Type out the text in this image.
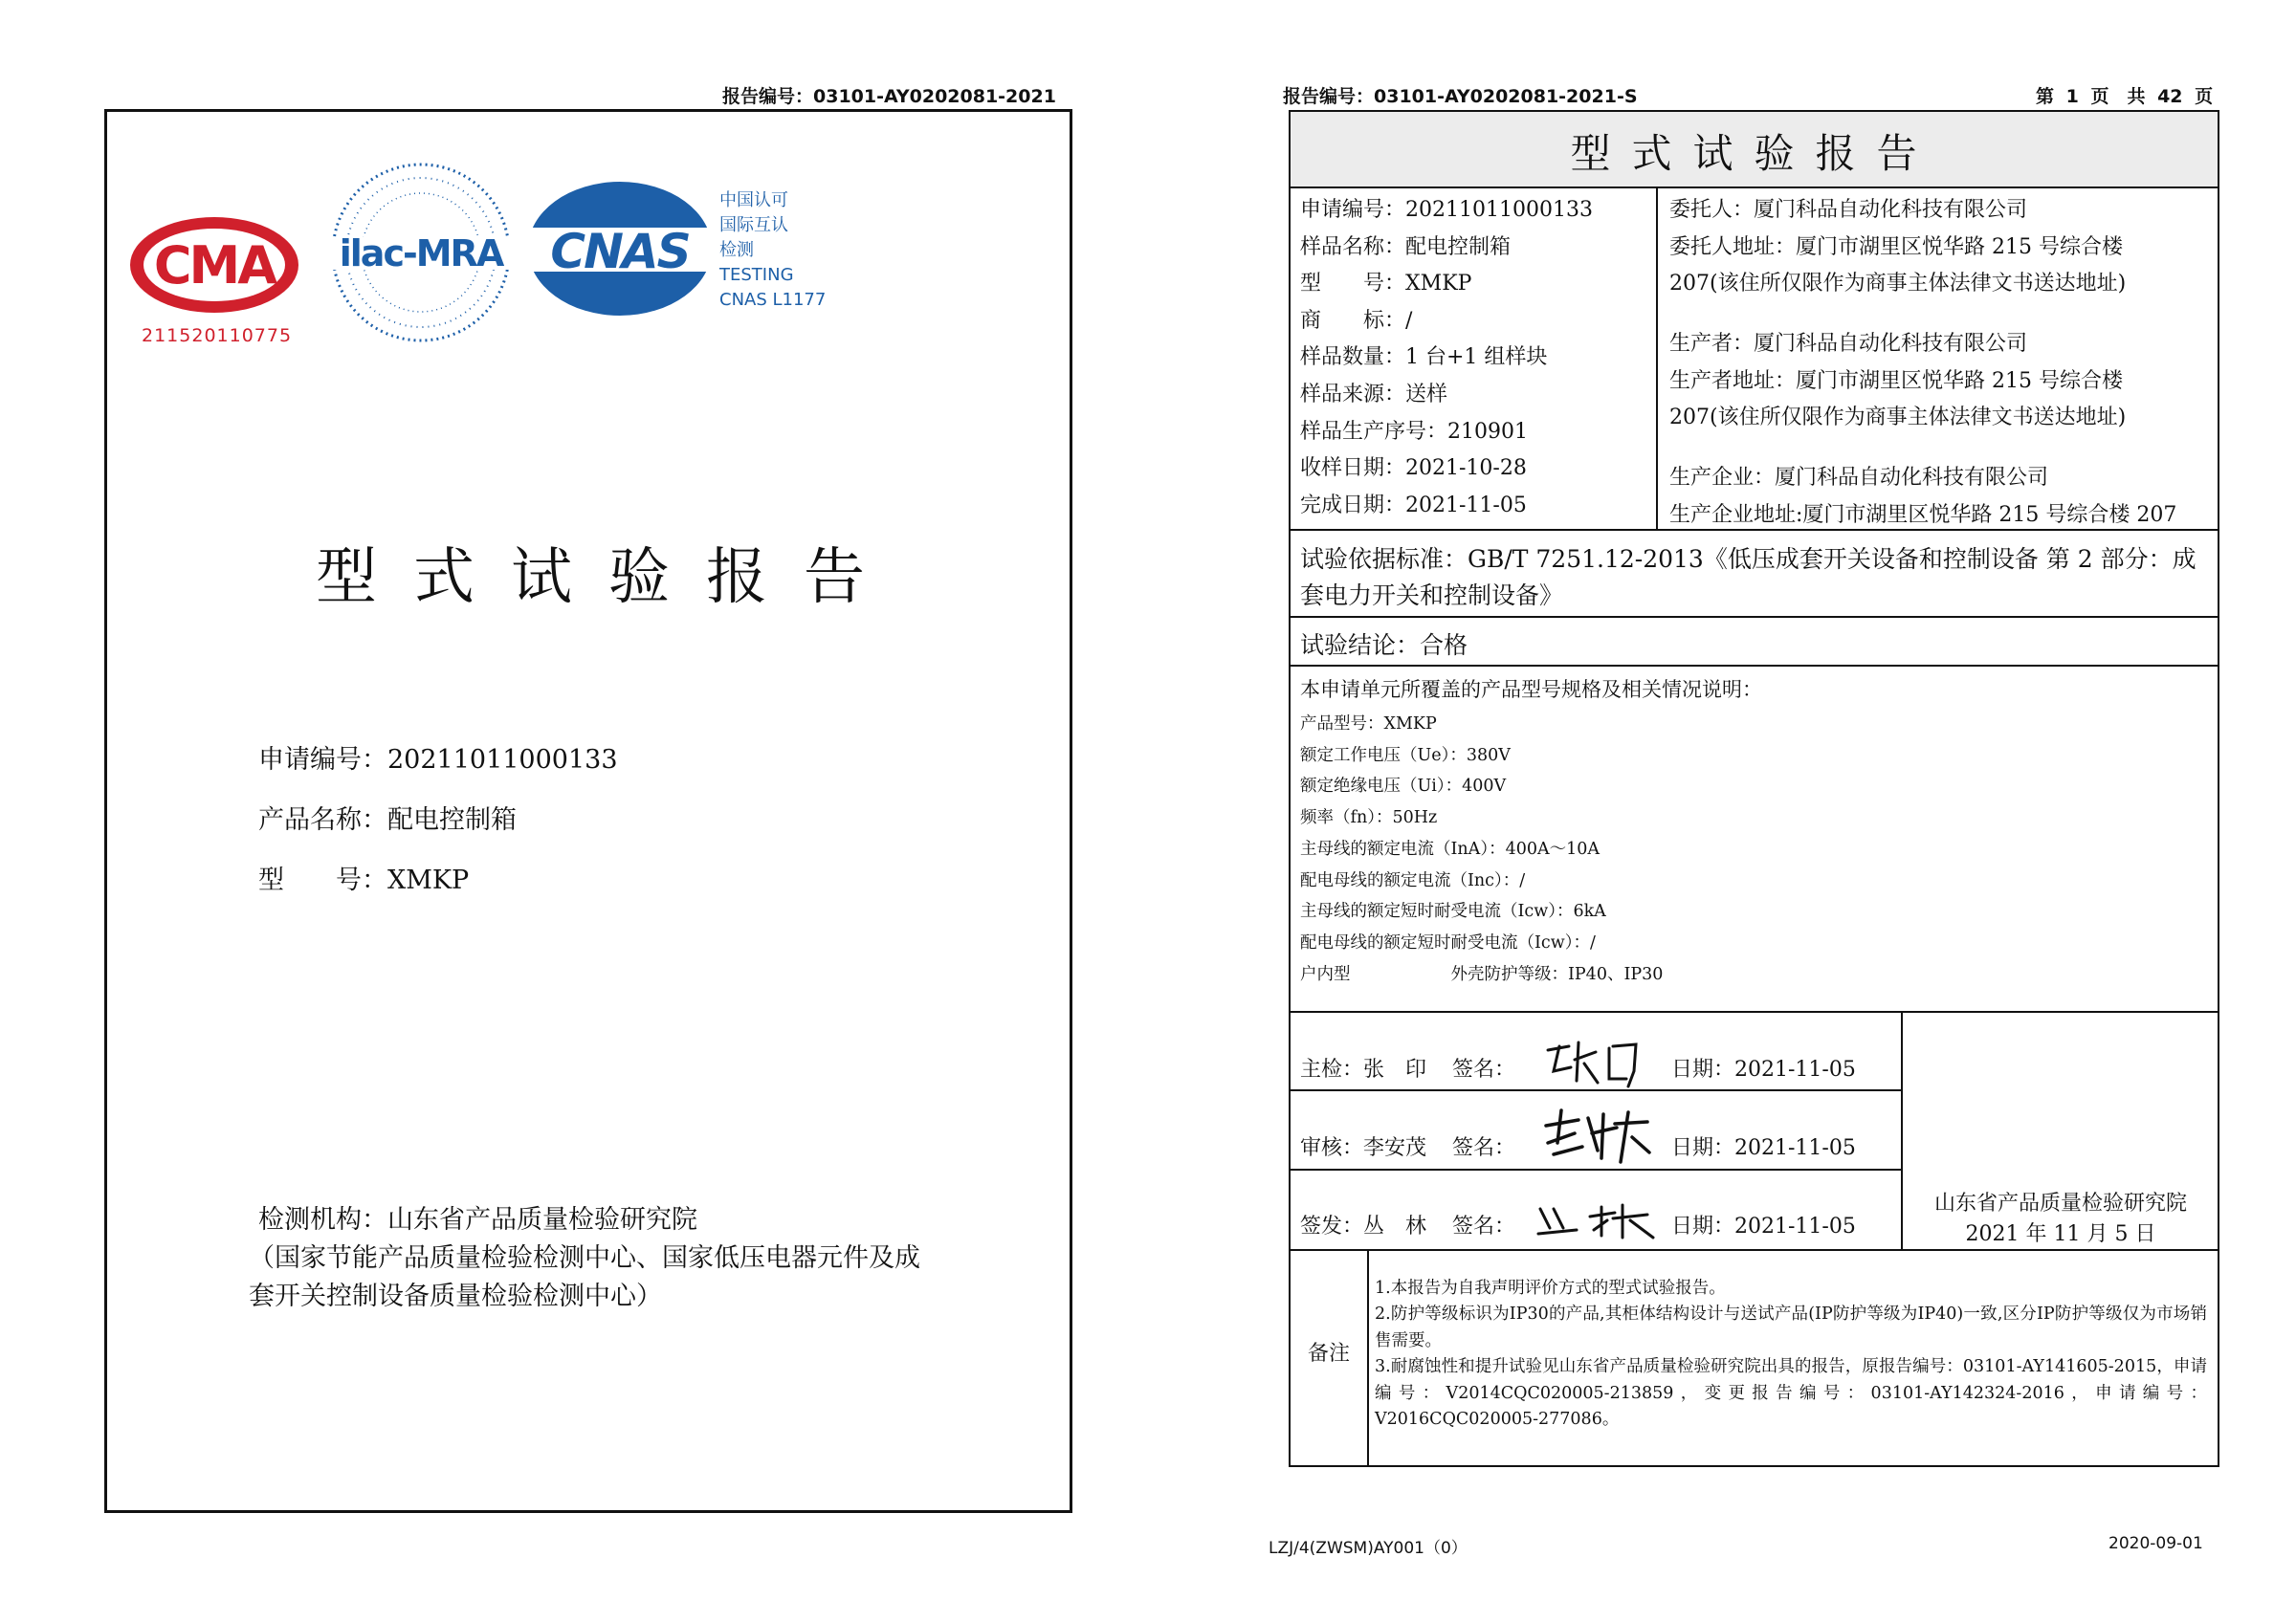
报告编号：03101-AY0202081-2021
CMA
211520110775
ilac-MRA CNAS
中国认可
国际互认
检测
TESTING
CNAS L1177
型式试验报告
申请编号：20211011000133
产品名称：配电控制箱
型　　号：XMKP
检测机构：山东省产品质量检验研究院
（国家节能产品质量检验检测中心、国家低压电器元件及成套开关控制设备质量检验检测中心）
报告编号：03101-AY0202081-2021-S	第 1 页　共 42 页
型式试验报告
申请编号：20211011000133
样品名称：配电控制箱
型　　号：XMKP
商　　标：/
样品数量：1 台+1 组样块
样品来源：送样
样品生产序号：210901
收样日期：2021-10-28
完成日期：2021-11-05
委托人：厦门科品自动化科技有限公司
委托人地址：厦门市湖里区悦华路 215 号综合楼
207(该住所仅限作为商事主体法律文书送达地址)
生产者：厦门科品自动化科技有限公司
生产者地址：厦门市湖里区悦华路 215 号综合楼
207(该住所仅限作为商事主体法律文书送达地址)
生产企业：厦门科品自动化科技有限公司
生产企业地址:厦门市湖里区悦华路 215 号综合楼 207
试验依据标准：GB/T 7251.12-2013《低压成套开关设备和控制设备 第 2 部分：成套电力开关和控制设备》
试验结论：合格
本申请单元所覆盖的产品型号规格及相关情况说明：
产品型号：XMKP
额定工作电压（Ue）：380V
额定绝缘电压（Ui）：400V
频率（fn）：50Hz
主母线的额定电流（InA）：400A～10A
配电母线的额定电流（Inc）：/
主母线的额定短时耐受电流（Icw）：6kA
配电母线的额定短时耐受电流（Icw）：/
户内型　　　　　　外壳防护等级：IP40、IP30
主检：张　印 签名：	日期：2021-11-05
审核：李安茂 签名：	日期：2021-11-05
签发：丛　林 签名：	日期：2021-11-05
山东省产品质量检验研究院
2021 年 11 月 5 日
备注
1.本报告为自我声明评价方式的型式试验报告。
2.防护等级标识为IP30的产品,其柜体结构设计与送试产品(IP防护等级为IP40)一致,区分IP防护等级仅为市场销售需要。
3.耐腐蚀性和提升试验见山东省产品质量检验研究院出具的报告，原报告编号：03101-AY141605-2015，申请编号：V2014CQC020005-213859，变更报告编号：03101-AY142324-2016，申请编号：V2016CQC020005-277086。
LZJ/4(ZWSM)AY001（0）	2020-09-01
